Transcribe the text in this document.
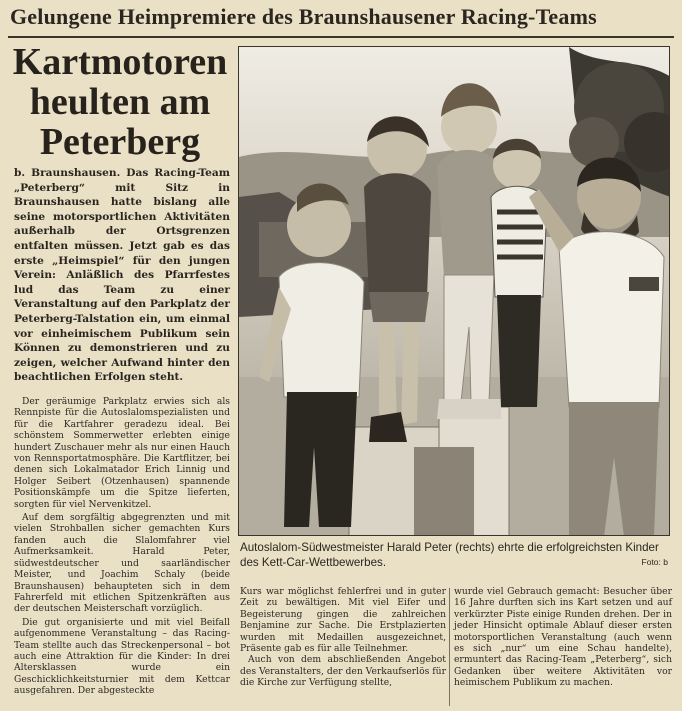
Gelungene Heimpremiere des Braunshausener Racing-Teams
Kartmotoren heulten am Peterberg
b. Braunshausen. Das Racing-Team „Peterberg“ mit Sitz in Braunshausen hatte bislang alle seine motorsportlichen Aktivitäten außerhalb der Ortsgrenzen entfalten müssen. Jetzt gab es das erste „Heimspiel“ für den jungen Verein: Anläßlich des Pfarrfestes lud das Team zu einer Veranstaltung auf den Parkplatz der Peterberg-Talstation ein, um einmal vor einheimischem Publikum sein Können zu demonstrieren und zu zeigen, welcher Aufwand hinter den beachtlichen Erfolgen steht.

Der geräumige Parkplatz erwies sich als Rennpiste für die Autoslalomspezialisten und für die Kartfahrer geradezu ideal. Bei schönstem Sommerwetter erlebten einige hundert Zuschauer mehr als nur einen Hauch von Rennsportatmosphäre. Die Kartflitzer, bei denen sich Lokalmatador Erich Linnig und Holger Seibert (Otzenhausen) spannende Positionskämpfe um die Spitze lieferten, sorgten für viel Nervenkitzel.

Auf dem sorgfältig abgegrenzten und mit vielen Strohballen sicher gemachten Kurs fanden auch die Slalomfahrer viel Aufmerksamkeit. Harald Peter, südwestdeutscher und saarländischer Meister, und Joachim Schaly (beide Braunshausen) behaupteten sich in dem Fahrerfeld mit etlichen Spitzenkräften aus der deutschen Meisterschaft vorzüglich.

Die gut organisierte und mit viel Beifall aufgenommene Veranstaltung – das Racing-Team stellte auch das Streckenpersonal – bot auch eine Attraktion für die Kinder: In drei Altersklassen wurde ein Geschicklichkeitsturnier mit dem Kettcar ausgefahren. Der abgesteckte

Autoslalom-Südwestmeister Harald Peter (rechts) ehrte die erfolgreichsten Kinder des Kett-Car-Wettbewerbes.	Foto: b

Kurs war möglichst fehlerfrei und in guter Zeit zu bewältigen. Mit viel Eifer und Begeisterung gingen die zahlreichen Benjamine zur Sache. Die Erstplazierten wurden mit Medaillen ausgezeichnet, Präsente gab es für alle Teilnehmer.

Auch von dem abschließenden Angebot des Veranstalters, der den Verkaufserlös für die Kirche zur Verfügung stellte,

wurde viel Gebrauch gemacht: Besucher über 16 Jahre durften sich ins Kart setzen und auf verkürzter Piste einige Runden drehen. Der in jeder Hinsicht optimale Ablauf dieser ersten motorsportlichen Veranstaltung (auch wenn es sich „nur“ um eine Schau handelte), ermuntert das Racing-Team „Peterberg“, sich Gedanken über weitere Aktivitäten vor heimischem Publikum zu machen.
